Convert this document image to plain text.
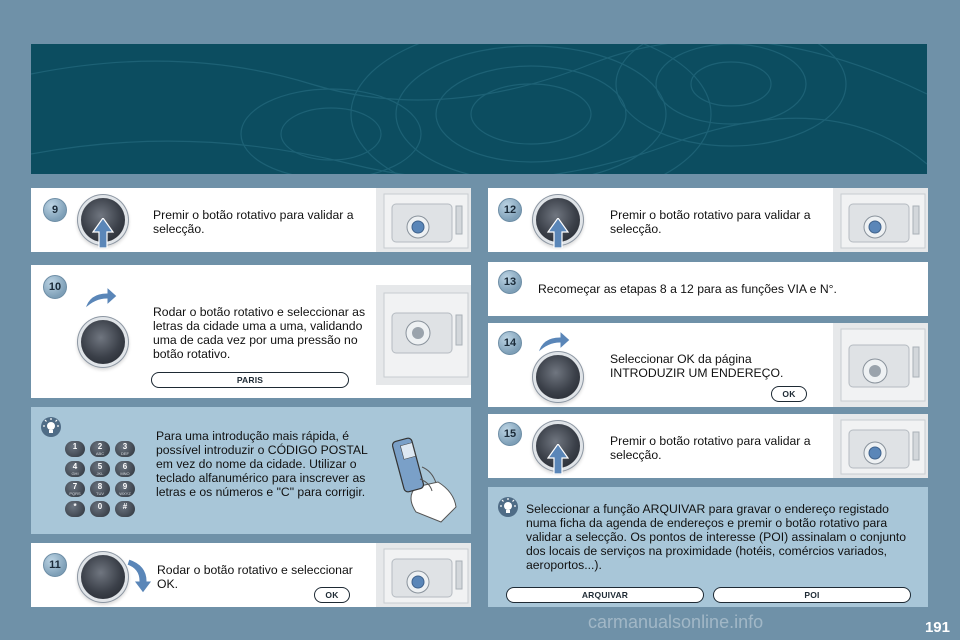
9	Premir o botão rotativo para validar a selecção.
10
Rodar o botão rotativo e seleccionar as letras da cidade uma a uma, validando uma de cada vez por uma pressão no botão rotativo.
PARIS
1	2
ABC
3
DEF
4
GHI
5
JKL
6
MNO
7
PQRS
8
TUV
9
WXYZ
*	0	#
Para uma introdução mais rápida, é possível introduzir o CÓDIGO POSTAL em vez do nome da cidade. Utilizar o teclado alfanumérico para inscrever as letras e os números e "C" para corrigir.
11	Rodar o botão rotativo e seleccionar OK.
OK
12	Premir o botão rotativo para validar a selecção.
13	Recomeçar as etapas 8 a 12 para as funções VIA e N°.
14
Seleccionar OK da página INTRODUZIR UM ENDEREÇO.
OK
15	Premir o botão rotativo para validar a selecção.
Seleccionar a função ARQUIVAR para gravar o endereço registado numa ficha da agenda de endereços e premir o botão rotativo para validar a selecção. Os pontos de interesse (POI) assinalam o conjunto dos locais de serviços na proximidade (hotéis, comércios variados, aeroportos...).
ARQUIVAR	POI
191
carmanualsonline.info
